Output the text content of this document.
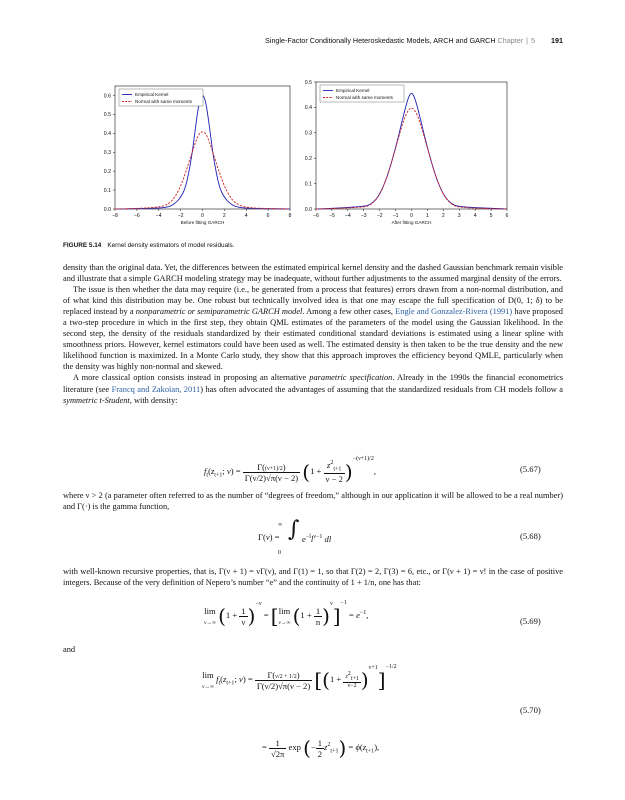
Single-Factor Conditionally Heteroskedastic Models, ARCH and GARCH Chapter | 5 191
−8	−6	−4	−2	0	2	4	6	8
0.0
0.1
0.2
0.3
0.4
0.5
0.6
Before fitting GARCH
Empirical Kernel
Normal with same moments
−6 −5 −4 −3 −2 −1 0	1	2	3	4	5	6
0.0
0.1
0.2
0.3
0.4
0.5
After fitting GARCH
Empirical Kernel
Normal with same moments
FIGURE 5.14 Kernel density estimators of model residuals.

density than the original data. Yet, the differences between the estimated empirical kernel density and the dashed Gaussian benchmark remain visible and illustrate that a simple GARCH modeling strategy may be inadequate, without further adjustments to the assumed marginal density of the errors.

The issue is then whether the data may require (i.e., be generated from a process that features) errors drawn from a non-normal distribution, and of what kind this distribution may be. One robust but technically involved idea is that one may escape the full specification of D(0, 1; δ) to be replaced instead by a nonparametric or semiparametric GARCH model. Among a few other cases, Engle and Gonzalez-Rivera (1991) have proposed a two-step procedure in which in the first step, they obtain QML estimates of the parameters of the model using the Gaussian likelihood. In the second step, the density of the residuals standardized by their estimated conditional standard deviations is estimated using a linear spline with smoothness priors. However, kernel estimators could have been used as well. The estimated density is then taken to be the true density and the new likelihood function is maximized. In a Monte Carlo study, they show that this approach improves the efficiency beyond QMLE, particularly when the density was highly non-normal and skewed.

A more classical option consists instead in proposing an alternative parametric specification. Already in the 1990s the financial econometrics literature (see Francq and Zakoïan, 2011) has often advocated the advantages of assuming that the standardized residuals from CH models follow a symmetric t-Student, with density:

$f_t(z_{t+1}$; $\nu) = \frac{\Gamma((\nu+1)/2)}{\Gamma(\nu/2)√\pi(\nu - 2)} (1 + \frac{z^2_{t+1}}{\nu - 2} )^{-(\nu+1)/2}$,	(5.67)

where ν > 2 (a parameter often referred to as the number of “degrees of freedom,” although in our application it will be allowed to be a real number) and Γ(·) is the gamma function,

∞
Γ(ν) = ∫ $e^{-l}l^{\nu-1}$ dl
0
(5.68)

with well-known recursive properties, that is, Γ(ν + 1) = νΓ(ν), and Γ(1) = 1, so that Γ(2) = 2, Γ(3) = 6, etc., or Γ(ν + 1) = ν! in the case of positive integers. Because of the very definition of Nepero’s number “e” and the continuity of 1 + 1/n, one has that:

lim
ν→∞ $(1 + \frac{1}{\nu} )^{-\nu} = [\lim$
ν→∞ $(1 + \frac{1}{n} )^\nu]^{-1} = e^{-1}$,
(5.69)
and
lim
ν→∞ $f_t(z_{t+1}$; $\nu) = \frac{\Gamma(\nu/2 + 1/2)}{\Gamma(\nu/2)√\pi(\nu - 2)} [(1 + \frac{z^2_{t+1}}{\nu-2} )^{\nu+1}]^{-1/2}$
= $\frac{1}{√2\pi}$ exp (− $\frac{1}{2} z^2_{t+1}) = \phi(z_{t+1})$,
(5.70)
